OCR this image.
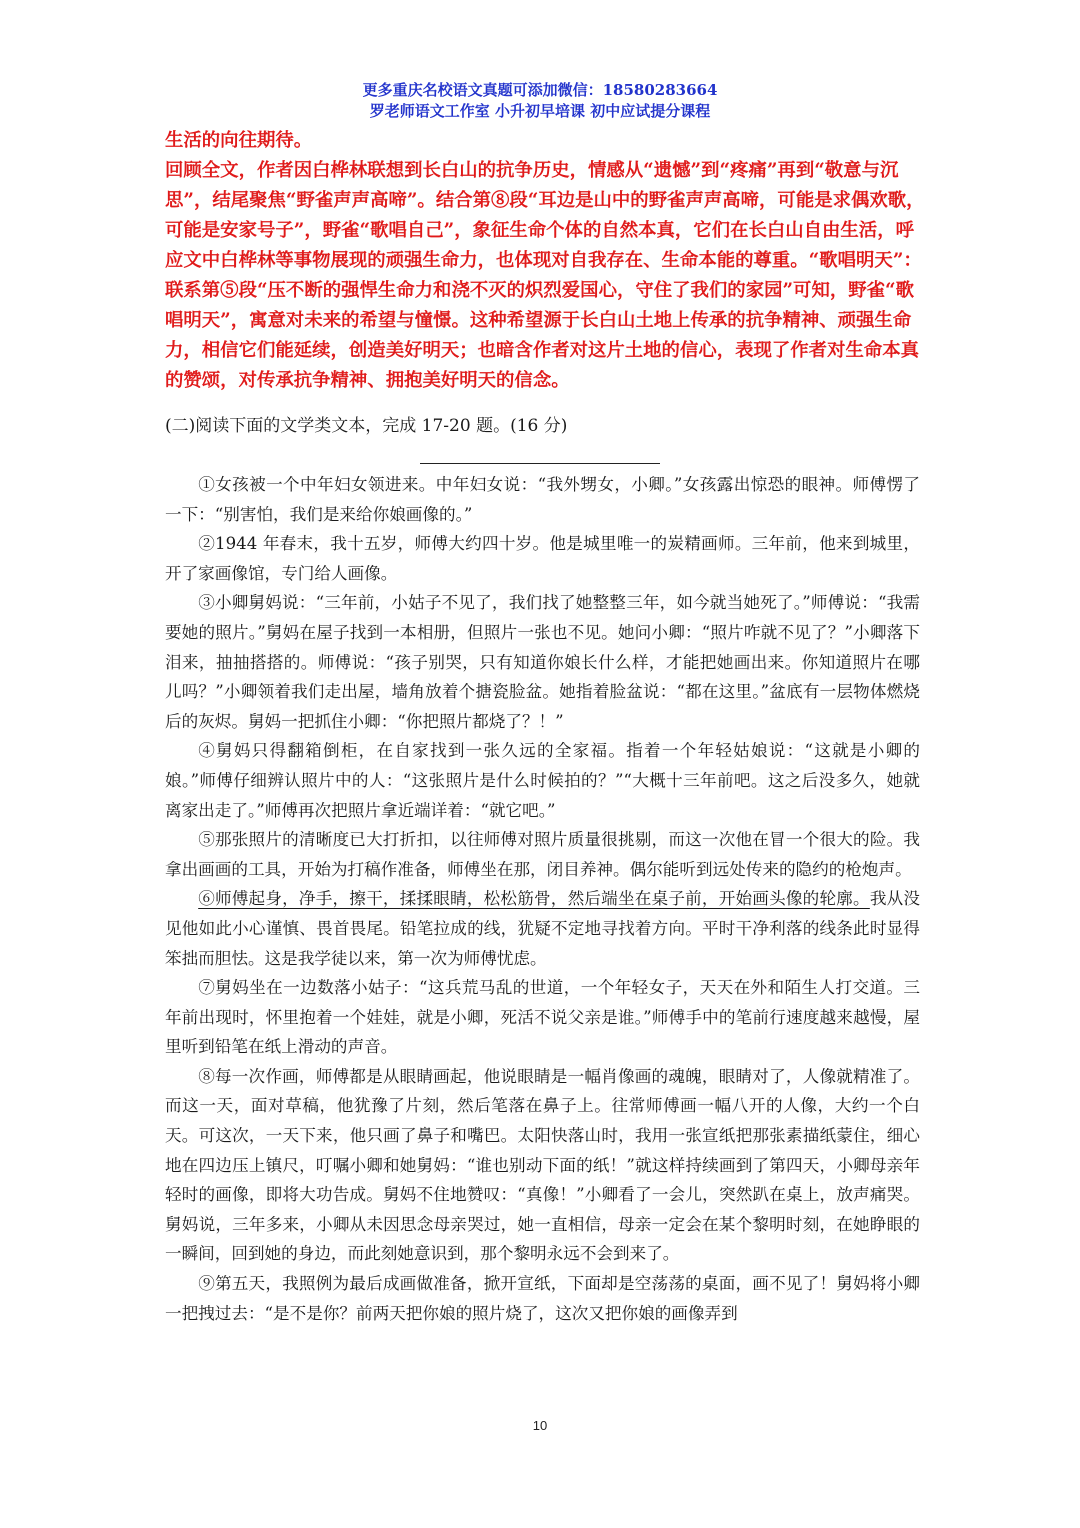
更多重庆名校语文真题可添加微信：18580283664
罗老师语文工作室 小升初早培课 初中应试提分课程

生活的向往期待。

回顾全文，作者因白桦林联想到长白山的抗争历史，情感从“遗憾”到“疼痛”再到“敬意与沉思”，结尾聚焦“野雀声声高啼”。结合第⑧段“耳边是山中的野雀声声高啼，可能是求偶欢歌，可能是安家号子”，野雀“歌唱自己”，象征生命个体的自然本真，它们在长白山自由生活，呼应文中白桦林等事物展现的顽强生命力，也体现对自我存在、生命本能的尊重。“歌唱明天”：联系第⑤段“压不断的强悍生命力和浇不灭的炽烈爱国心，守住了我们的家园”可知，野雀“歌唱明天”，寓意对未来的希望与憧憬。这种希望源于长白山土地上传承的抗争精神、顽强生命力，相信它们能延续，创造美好明天；也暗含作者对这片土地的信心，表现了作者对生命本真的赞颂，对传承抗争精神、拥抱美好明天的信念。

(二)阅读下面的文学类文本，完成 17-20 题。(16 分)

①女孩被一个中年妇女领进来。中年妇女说：“我外甥女，小卿。”女孩露出惊恐的眼神。师傅愣了一下：“别害怕，我们是来给你娘画像的。”

②1944 年春末，我十五岁，师傅大约四十岁。他是城里唯一的炭精画师。三年前，他来到城里，开了家画像馆，专门给人画像。

③小卿舅妈说：“三年前，小姑子不见了，我们找了她整整三年，如今就当她死了。”师傅说：“我需要她的照片。”舅妈在屋子找到一本相册，但照片一张也不见。她问小卿：“照片咋就不见了？”小卿落下泪来，抽抽搭搭的。师傅说：“孩子别哭，只有知道你娘长什么样，才能把她画出来。你知道照片在哪儿吗？”小卿领着我们走出屋，墙角放着个搪瓷脸盆。她指着脸盆说：“都在这里。”盆底有一层物体燃烧后的灰烬。舅妈一把抓住小卿：“你把照片都烧了？！”

④舅妈只得翻箱倒柜，在自家找到一张久远的全家福。指着一个年轻姑娘说：“这就是小卿的娘。”师傅仔细辨认照片中的人：“这张照片是什么时候拍的？”“大概十三年前吧。这之后没多久，她就离家出走了。”师傅再次把照片拿近端详着：“就它吧。”

⑤那张照片的清晰度已大打折扣，以往师傅对照片质量很挑剔，而这一次他在冒一个很大的险。我拿出画画的工具，开始为打稿作准备，师傅坐在那，闭目养神。偶尔能听到远处传来的隐约的枪炮声。

⑥师傅起身，净手，擦干，揉揉眼睛，松松筋骨，然后端坐在桌子前，开始画头像的轮廓。我从没见他如此小心谨慎、畏首畏尾。铅笔拉成的线，犹疑不定地寻找着方向。平时干净利落的线条此时显得笨拙而胆怯。这是我学徒以来，第一次为师傅忧虑。

⑦舅妈坐在一边数落小姑子：“这兵荒马乱的世道，一个年轻女子，天天在外和陌生人打交道。三年前出现时，怀里抱着一个娃娃，就是小卿，死活不说父亲是谁。”师傅手中的笔前行速度越来越慢，屋里听到铅笔在纸上滑动的声音。

⑧每一次作画，师傅都是从眼睛画起，他说眼睛是一幅肖像画的魂魄，眼睛对了，人像就精准了。而这一天，面对草稿，他犹豫了片刻，然后笔落在鼻子上。往常师傅画一幅八开的人像，大约一个白天。可这次，一天下来，他只画了鼻子和嘴巴。太阳快落山时，我用一张宣纸把那张素描纸蒙住，细心地在四边压上镇尺，叮嘱小卿和她舅妈：“谁也别动下面的纸！”就这样持续画到了第四天，小卿母亲年轻时的画像，即将大功告成。舅妈不住地赞叹：“真像！”小卿看了一会儿，突然趴在桌上，放声痛哭。舅妈说，三年多来，小卿从未因思念母亲哭过，她一直相信，母亲一定会在某个黎明时刻，在她睁眼的一瞬间，回到她的身边，而此刻她意识到，那个黎明永远不会到来了。

⑨第五天，我照例为最后成画做准备，掀开宣纸，下面却是空荡荡的桌面，画不见了！舅妈将小卿一把拽过去：“是不是你？前两天把你娘的照片烧了，这次又把你娘的画像弄到

10
